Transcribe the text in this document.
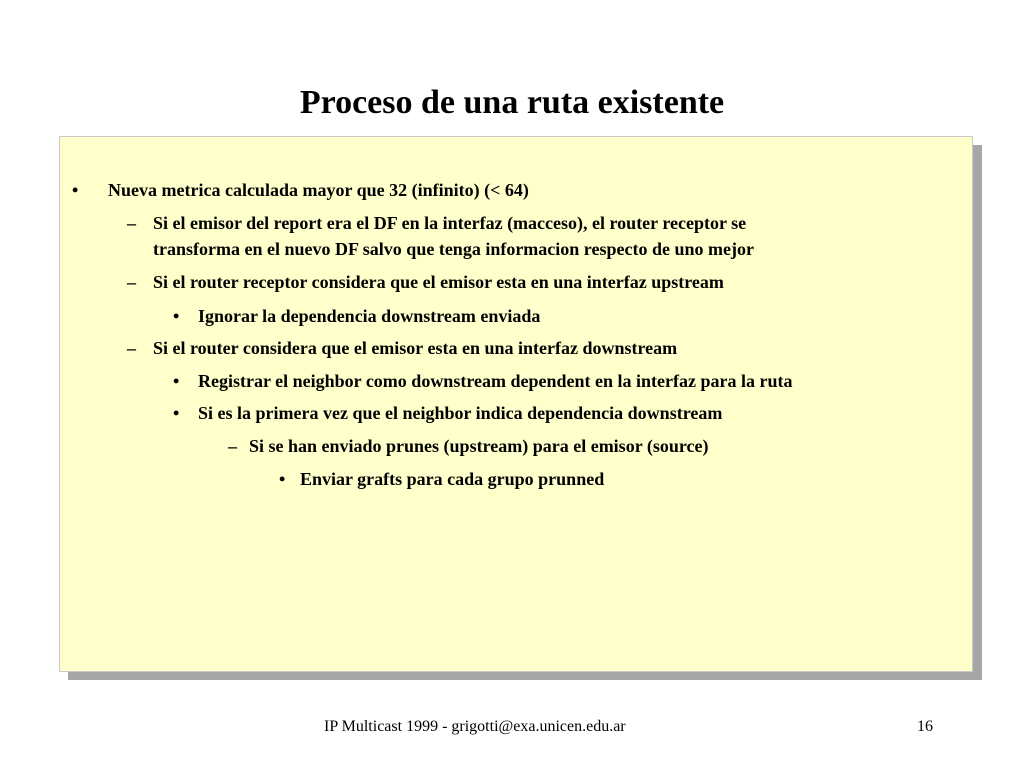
Proceso de una ruta existente
• Nueva metrica calculada mayor que 32 (infinito) (< 64)
– Si el emisor del report era el DF en la interfaz (macceso), el router receptor se
transforma en el nuevo DF salvo que tenga informacion respecto de uno mejor
– Si el router receptor considera que el emisor esta en una interfaz upstream
• Ignorar la dependencia downstream enviada
– Si el router considera que el emisor esta en una interfaz downstream
• Registrar el neighbor como downstream dependent en la interfaz para la ruta
• Si es la primera vez que el neighbor indica dependencia downstream
– Si se han enviado prunes (upstream) para el emisor (source)
• Enviar grafts para cada grupo prunned
IP Multicast 1999 - grigotti@exa.unicen.edu.ar	16
